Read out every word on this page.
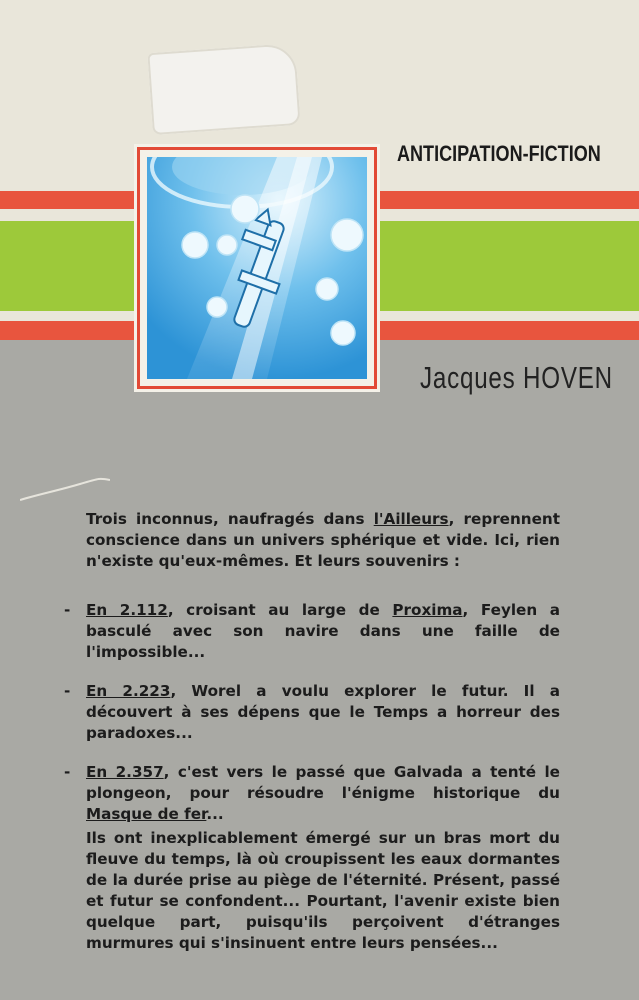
ANTICIPATION-FICTION
Jacques HOVEN
Trois inconnus, naufragés dans l'Ailleurs, reprennent conscience dans un univers sphérique et vide. Ici, rien n'existe qu'eux-mêmes. Et leurs souvenirs :
- En 2.112, croisant au large de Proxima, Feylen a basculé avec son navire dans une faille de l'impossible...
- En 2.223, Worel a voulu explorer le futur. Il a découvert à ses dépens que le Temps a horreur des paradoxes...
- En 2.357, c'est vers le passé que Galvada a tenté le plongeon, pour résoudre l'énigme historique du Masque de fer...
Ils ont inexplicablement émergé sur un bras mort du fleuve du temps, là où croupissent les eaux dormantes de la durée prise au piège de l'éternité. Présent, passé et futur se confondent... Pourtant, l'avenir existe bien quelque part, puisqu'ils perçoivent d'étranges murmures qui s'insinuent entre leurs pensées...
